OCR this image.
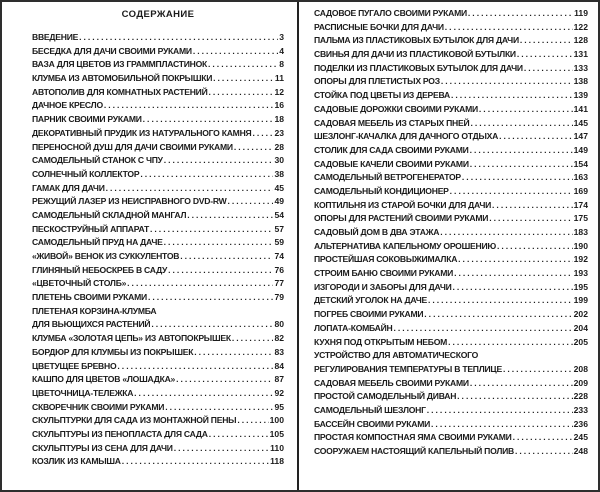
СОДЕРЖАНИЕ
ВВЕДЕНИЕ .....	3
БЕСЕДКА ДЛЯ ДАЧИ СВОИМИ РУКАМИ .....	4
ВАЗА ДЛЯ ЦВЕТОВ ИЗ ГРАММПЛАСТИНОК .....	8
КЛУМБА ИЗ АВТОМОБИЛЬНОЙ ПОКРЫШКИ .....	11
АВТОПОЛИВ ДЛЯ КОМНАТНЫХ РАСТЕНИЙ .....	12
ДАЧНОЕ КРЕСЛО .....	16
ПАРНИК СВОИМИ РУКАМИ .....	18
ДЕКОРАТИВНЫЙ ПРУДИК ИЗ НАТУРАЛЬНОГО КАМНЯ .....	23
ПЕРЕНОСНОЙ ДУШ ДЛЯ ДАЧИ СВОИМИ РУКАМИ .....	28
САМОДЕЛЬНЫЙ СТАНОК С ЧПУ .....	30
СОЛНЕЧНЫЙ КОЛЛЕКТОР .....	38
ГАМАК ДЛЯ ДАЧИ .....	45
РЕЖУЩИЙ ЛАЗЕР ИЗ НЕИСПРАВНОГО DVD-RW .....	49
САМОДЕЛЬНЫЙ СКЛАДНОЙ МАНГАЛ .....	54
ПЕСКОСТРУЙНЫЙ АППАРАТ .....	57
САМОДЕЛЬНЫЙ ПРУД НА ДАЧЕ .....	59
«ЖИВОЙ» ВЕНОК ИЗ СУККУЛЕНТОВ .....	74
ГЛИНЯНЫЙ НЕБОСКРЕБ В САДУ .....	76
«ЦВЕТОЧНЫЙ СТОЛБ» .....	77
ПЛЕТЕНЬ СВОИМИ РУКАМИ .....	79
ПЛЕТЕНАЯ КОРЗИНА-КЛУМБА
ДЛЯ ВЬЮЩИХСЯ РАСТЕНИЙ .....	80
КЛУМБА «ЗОЛОТАЯ ЦЕПЬ» ИЗ АВТОПОКРЫШЕК .....	82
БОРДЮР ДЛЯ КЛУМБЫ ИЗ ПОКРЫШЕК .....	83
ЦВЕТУЩЕЕ БРЕВНО .....	84
КАШПО ДЛЯ ЦВЕТОВ «ЛОШАДКА» .....	87
ЦВЕТОЧНИЦА-ТЕЛЕЖКА .....	92
СКВОРЕЧНИК СВОИМИ РУКАМИ .....	95
СКУЛЬПТУРКИ ДЛЯ САДА ИЗ МОНТАЖНОЙ ПЕНЫ .....	100
СКУЛЬПТУРЫ ИЗ ПЕНОПЛАСТА ДЛЯ САДА .....	105
СКУЛЬПТУРЫ ИЗ СЕНА ДЛЯ ДАЧИ .....	110
КОЗЛИК ИЗ КАМЫША .....	118
САДОВОЕ ПУГАЛО СВОИМИ РУКАМИ .....	119
РАСПИСНЫЕ БОЧКИ ДЛЯ ДАЧИ .....	122
ПАЛЬМА ИЗ ПЛАСТИКОВЫХ БУТЫЛОК ДЛЯ ДАЧИ .....	128
СВИНЬЯ ДЛЯ ДАЧИ ИЗ ПЛАСТИКОВОЙ БУТЫЛКИ .....	131
ПОДЕЛКИ ИЗ ПЛАСТИКОВЫХ БУТЫЛОК ДЛЯ ДАЧИ .....	133
ОПОРЫ ДЛЯ ПЛЕТИСТЫХ РОЗ .....	138
СТОЙКА ПОД ЦВЕТЫ ИЗ ДЕРЕВА .....	139
САДОВЫЕ ДОРОЖКИ СВОИМИ РУКАМИ .....	141
САДОВАЯ МЕБЕЛЬ ИЗ СТАРЫХ ПНЕЙ .....	145
ШЕЗЛОНГ-КАЧАЛКА ДЛЯ ДАЧНОГО ОТДЫХА .....	147
СТОЛИК ДЛЯ САДА СВОИМИ РУКАМИ .....	149
САДОВЫЕ КАЧЕЛИ СВОИМИ РУКАМИ .....	154
САМОДЕЛЬНЫЙ ВЕТРОГЕНЕРАТОР .....	163
САМОДЕЛЬНЫЙ КОНДИЦИОНЕР .....	169
КОПТИЛЬНЯ ИЗ СТАРОЙ БОЧКИ ДЛЯ ДАЧИ .....	174
ОПОРЫ ДЛЯ РАСТЕНИЙ СВОИМИ РУКАМИ .....	175
САДОВЫЙ ДОМ В ДВА ЭТАЖА .....	183
АЛЬТЕРНАТИВА КАПЕЛЬНОМУ ОРОШЕНИЮ .....	190
ПРОСТЕЙШАЯ СОКОВЫЖИМАЛКА .....	192
СТРОИМ БАНЮ СВОИМИ РУКАМИ .....	193
ИЗГОРОДИ И ЗАБОРЫ ДЛЯ ДАЧИ .....	195
ДЕТСКИЙ УГОЛОК НА ДАЧЕ .....	199
ПОГРЕБ СВОИМИ РУКАМИ .....	202
ЛОПАТА-КОМБАЙН .....	204
КУХНЯ ПОД ОТКРЫТЫМ НЕБОМ .....	205
УСТРОЙСТВО ДЛЯ АВТОМАТИЧЕСКОГО
РЕГУЛИРОВАНИЯ ТЕМПЕРАТУРЫ В ТЕПЛИЦЕ .....	208
САДОВАЯ МЕБЕЛЬ СВОИМИ РУКАМИ .....	209
ПРОСТОЙ САМОДЕЛЬНЫЙ ДИВАН .....	228
САМОДЕЛЬНЫЙ ШЕЗЛОНГ .....	233
БАССЕЙН СВОИМИ РУКАМИ .....	236
ПРОСТАЯ КОМПОСТНАЯ ЯМА СВОИМИ РУКАМИ .....	245
СООРУЖАЕМ НАСТОЯЩИЙ КАПЕЛЬНЫЙ ПОЛИВ .....	248
